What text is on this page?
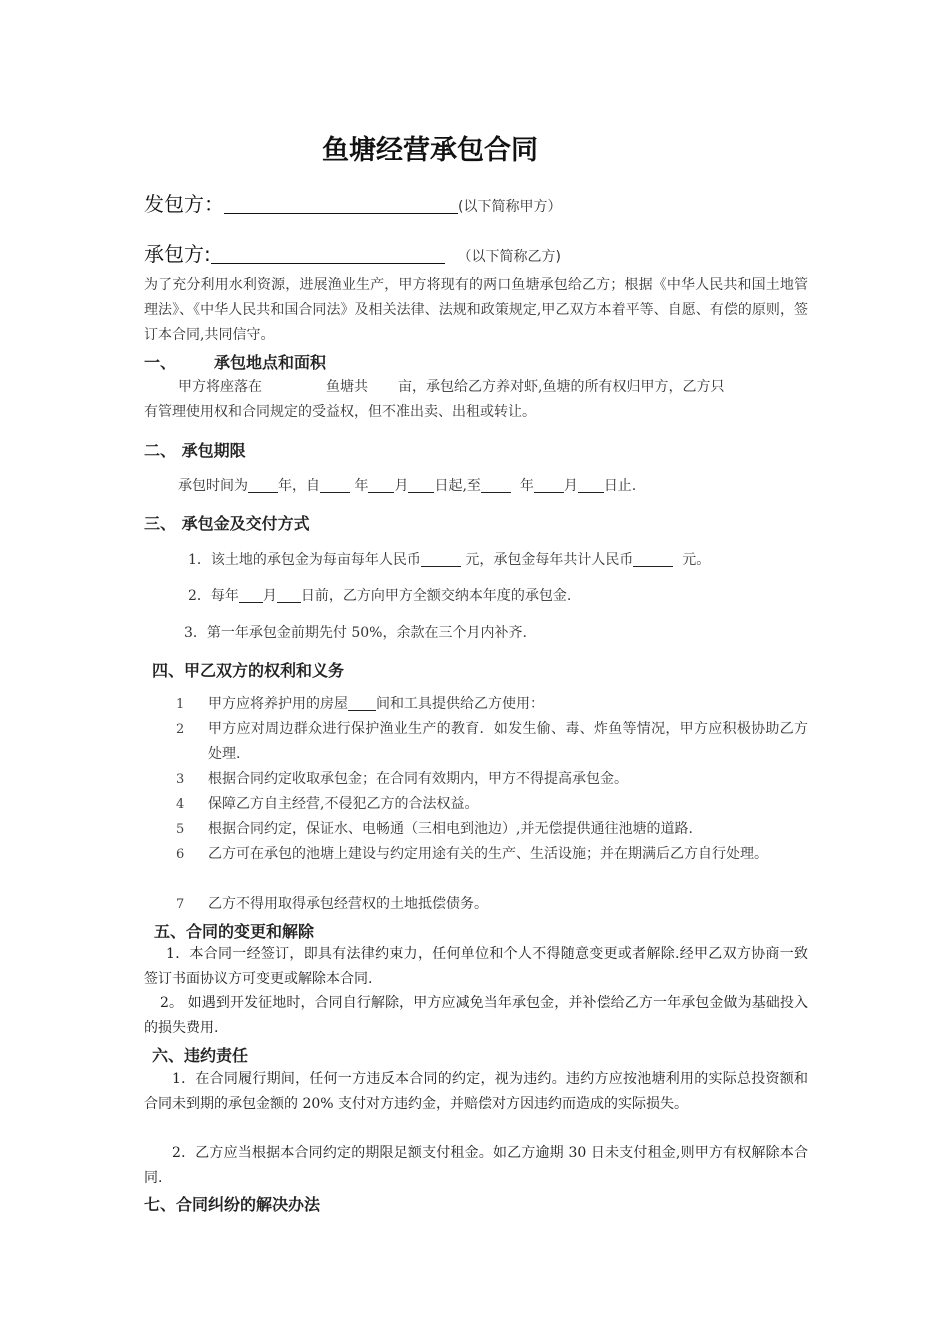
鱼塘经营承包合同
发包方：	(以下简称甲方）
承包方:	（以下简称乙方)
为了充分利用水利资源，进展渔业生产，甲方将现有的两口鱼塘承包给乙方；根据《中华人民共和国土地管理法》、《中华人民共和国合同法》及相关法律、法规和政策规定,甲乙双方本着平等、自愿、有偿的原则，签订本合同,共同信守。
一、 承包地点和面积
甲方将座落在	鱼塘共 亩，承包给乙方养对虾,鱼塘的所有权归甲方，乙方只
有管理使用权和合同规定的受益权，但不准出卖、出租或转让。
二、 承包期限
承包时间为 年，自 年 月 日起,至	年 月 日止.
三、 承包金及交付方式
1．该土地的承包金为每亩每年人民币	元，承包金每年共计人民币	元。
2．每年 月 日前，乙方向甲方全额交纳本年度的承包金.
3．第一年承包金前期先付 50%，余款在三个月内补齐.
四、甲乙双方的权利和义务
1 甲方应将养护用的房屋 间和工具提供给乙方使用：
2 甲方应对周边群众进行保护渔业生产的教育．如发生偷、毒、炸鱼等情况，甲方应积极协助乙方处理.
3 根据合同约定收取承包金；在合同有效期内，甲方不得提高承包金。
4 保障乙方自主经营,不侵犯乙方的合法权益。
5 根据合同约定，保证水、电畅通（三相电到池边）,并无偿提供通往池塘的道路.
6 乙方可在承包的池塘上建设与约定用途有关的生产、生活设施；并在期满后乙方自行处理。
7 乙方不得用取得承包经营权的土地抵偿债务。
五、合同的变更和解除
1．本合同一经签订，即具有法律约束力，任何单位和个人不得随意变更或者解除.经甲乙双方协商一致签订书面协议方可变更或解除本合同.
2。 如遇到开发征地时，合同自行解除，甲方应减免当年承包金，并补偿给乙方一年承包金做为基础投入的损失费用.
六、违约责任
1．在合同履行期间，任何一方违反本合同的约定，视为违约。违约方应按池塘利用的实际总投资额和合同未到期的承包金额的 20% 支付对方违约金，并赔偿对方因违约而造成的实际损失。
2．乙方应当根据本合同约定的期限足额支付租金。如乙方逾期 30 日未支付租金,则甲方有权解除本合同.
七、合同纠纷的解决办法
